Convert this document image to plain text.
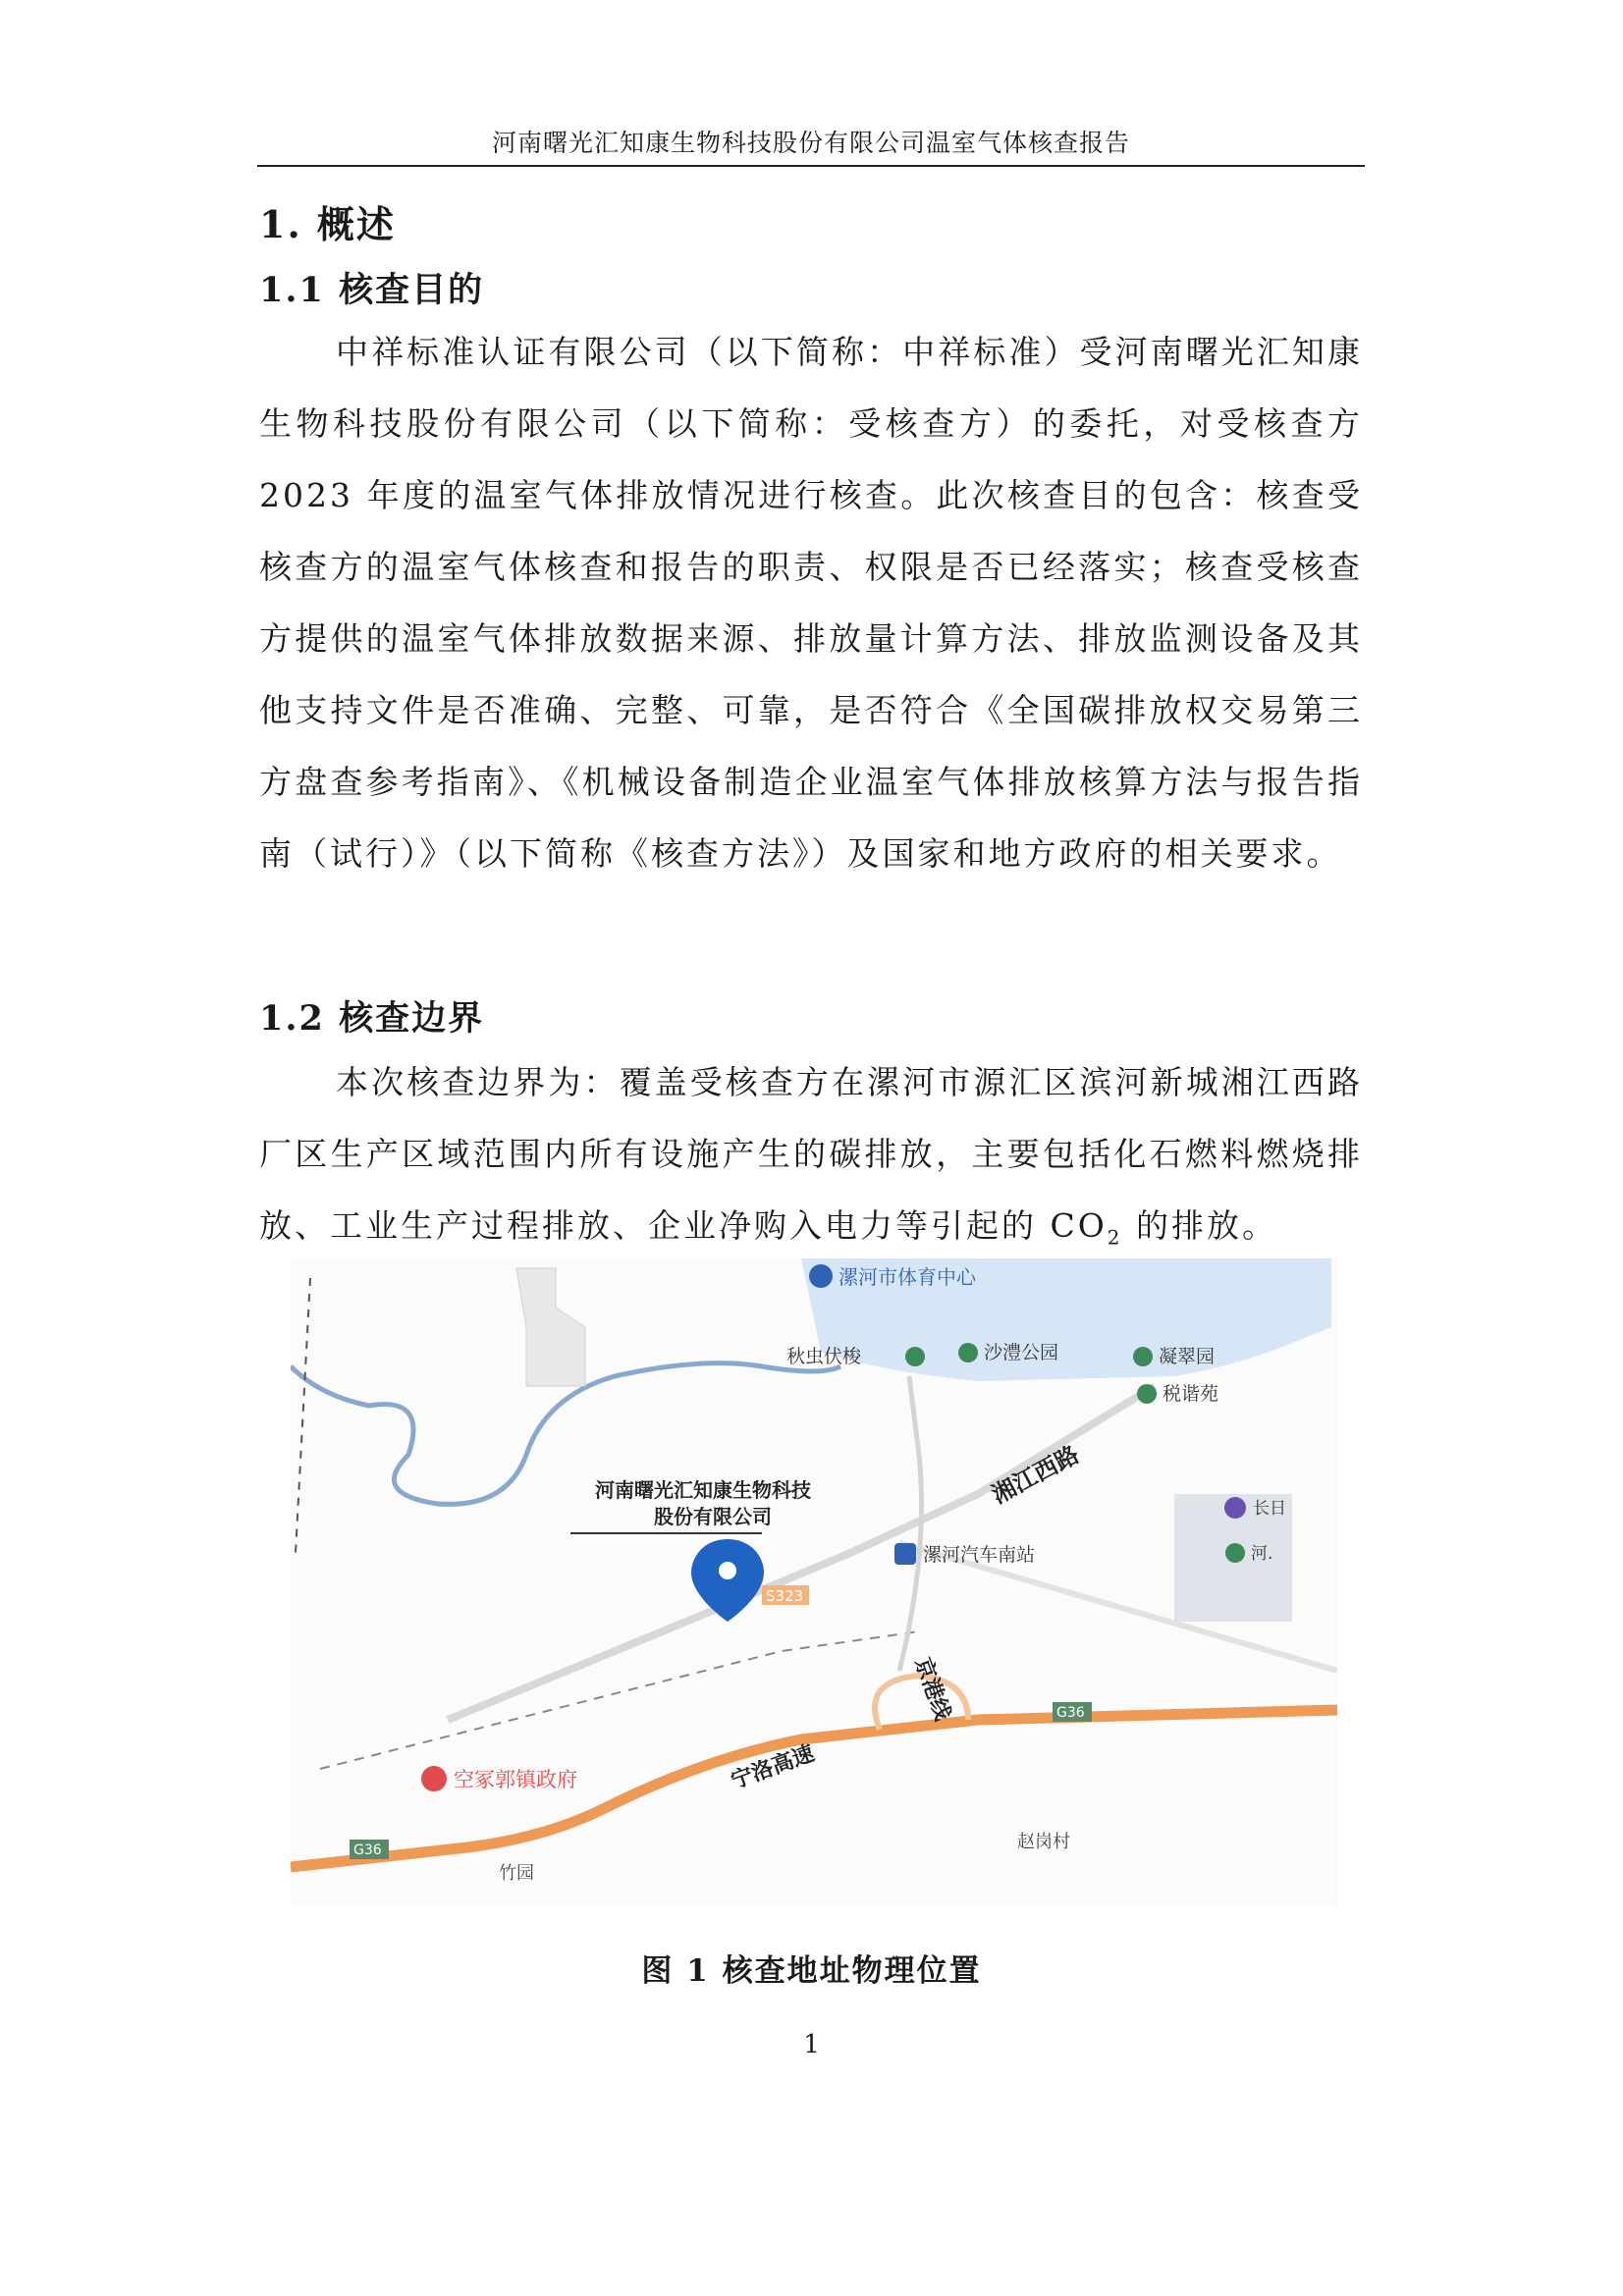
河南曙光汇知康生物科技股份有限公司温室气体核查报告
1. 概述
1.1 核查目的

中祥标准认证有限公司（以下简称：中祥标准）受河南曙光汇知康生物科技股份有限公司（以下简称：受核查方）的委托，对受核查方 2023 年度的温室气体排放情况进行核查。此次核查目的包含：核查受核查方的温室气体核查和报告的职责、权限是否已经落实；核查受核查方提供的温室气体排放数据来源、排放量计算方法、排放监测设备及其他支持文件是否准确、完整、可靠，是否符合《全国碳排放权交易第三方盘查参考指南》、《机械设备制造企业温室气体排放核算方法与报告指南（试行）》（以下简称《核查方法》）及国家和地方政府的相关要求。

1.2 核查边界

本次核查边界为：覆盖受核查方在漯河市源汇区滨河新城湘江西路厂区生产区域范围内所有设施产生的碳排放，主要包括化石燃料燃烧排放、工业生产过程排放、企业净购入电力等引起的 $CO_2$ 的排放。

漯河市体育中心
秋虫伏梭	沙澧公园	凝翠园
税谐苑
长日
河.
河南曙光汇知康生物科技
股份有限公司
湘江西路
漯河汽车南站
S323
京港线
宁洛高速
G36
G36
空冢郭镇政府
赵岗村
竹园
图 1 核查地址物理位置
1
